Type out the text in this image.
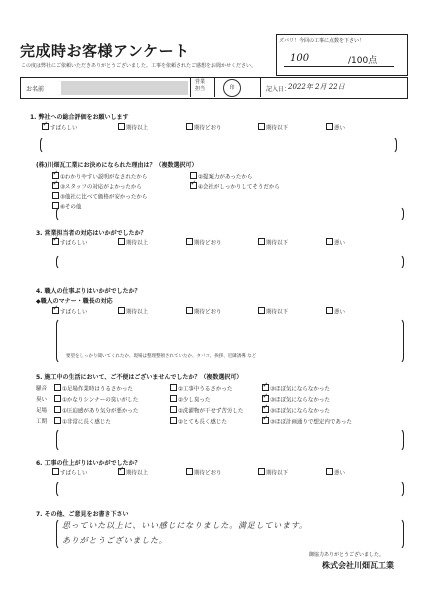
完成時お客様アンケート
この度は弊社にご依頼いただきありがとうございました。工事を依頼されたご感想をお聞かせください。
ズバリ！今回の工事に点数を下さい！
100	/100点
お名前
営業
担当	印	記入日：
2022年 2月 22日
1. 弊社への総合評価をお願いします
✓すばらしい	期待以上	期待どおり	期待以下	悪い
(株)川畑瓦工業にお決めになられた理由は？（複数選択可）
✓①わかりやすい説明がなされたから	②提案力があったから
✓③スタッフの対応がよかったから ✓	④会社がしっかりしてそうだから
⑤他社に比べて価格が安かったから
⑥その他
3. 営業担当者の対応はいかがでしたか？
✓すばらしい	期待以上	期待どおり	期待以下	悪い
4. 職人の仕事ぶりはいかがでしたか？
◆職人のマナー・職長の対応
✓すばらしい	期待以上	期待どおり	期待以下	悪い
要望をしっかり聞いてくれたか、現場は整理整頓されていたか、タバコ、挨拶、近隣誘導 など
5. 施工中の生活において、ご不便はございませんでしたか？（複数選択可）
騒音	①足場作業時はうるさかった	②工事中うるさかった ✓	③ほぼ気にならなかった
臭い	①かなりシンナーの臭いがした	②少し臭った ✓	③ほぼ気にならなかった
足場	①圧迫感があり気分が悪かった	②洗濯物が干せず苦労した ✓	③ほぼ気にならなかった
工期	①非常に長く感じた	②とても長く感じた ✓	③ほぼ計画通りで想定内であった
6. 工事の仕上がりはいかがでしたか？
すばらしい ✓	期待以上	期待どおり	期待以下	悪い
7. その他、ご意見をお書き下さい
思っていた以上に、いい感じになりました。満足しています。
ありがとうございました。
御協力ありがとうございました。
株式会社川畑瓦工業
